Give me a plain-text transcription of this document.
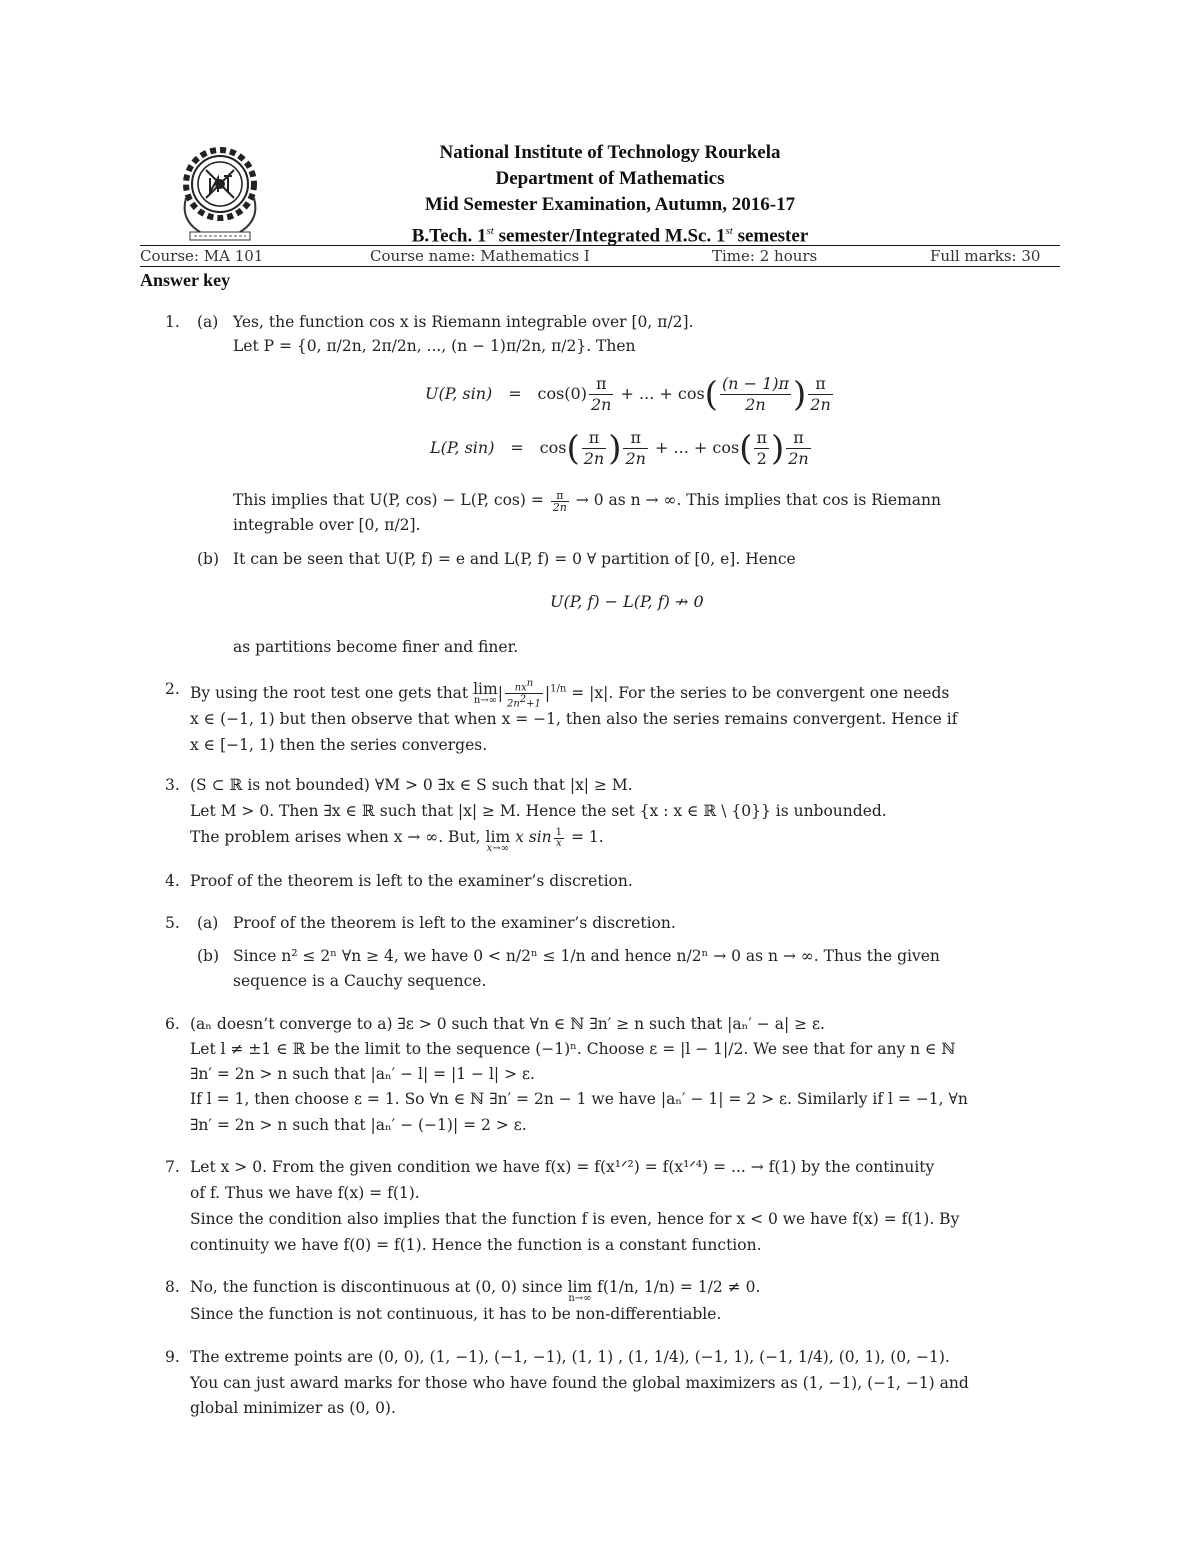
National Institute of Technology Rourkela
Department of Mathematics
Mid Semester Examination, Autumn, 2016-17
B.Tech. 1st semester/Integrated M.Sc. 1st semester
Course: MA 101	Course name: Mathematics I	Time: 2 hours	Full marks: 30
Answer key
1. (a) Yes, the function cos x is Riemann integrable over [0, π/2].
Let P = {0, π/2n, 2π/2n, ..., (n − 1)π/2n, π/2}. Then
U(P, $\sin) = \cos(0) \frac{\pi}{2n}$ + ... + $\cos( \frac{(n - 1)\pi}{2n}$ ) $\frac{\pi}{2n}$
L(P, $\sin) = \cos( \frac{\pi}{2n}$ ) $\frac{\pi}{2n}$ + ... + $\cos( \frac{\pi}{2}$ ) $\frac{\pi}{2n}$
This implies that U(P, cos) − L(P, $\cos) = \frac{\pi}{2n} \to 0$ as n → ∞. This implies that cos is Riemann
integrable over [0, π/2].
(b) It can be seen that U(P, f) = e and L(P, f) = 0 ∀ partition of [0, e]. Hence
U(P, f) − L(P, f) ↛ 0
as partitions become finer and finer.
2. By using the root test one gets that lim
n→∞ | $\frac{nx^n}{2n^2+1} |^{1/n} = |x|$. For the series to be convergent one needs
x ∈ (−1, 1) but then observe that when x = −1, then also the series remains convergent. Hence if
x ∈ [−1, 1) then the series converges.
3. (S ⊂ ℝ is not bounded) ∀M > 0 ∃x ∈ S such that |x| ≥ M.
Let M > 0. Then ∃x ∈ ℝ such that |x| ≥ M. Hence the set {x : x ∈ ℝ \ {0}} is unbounded.
The problem arises when x → ∞. But, lim
x→∞
x $\sin \frac{1}{x} = 1$.
4. Proof of the theorem is left to the examiner’s discretion.
5. (a) Proof of the theorem is left to the examiner’s discretion.
(b) Since n² ≤ 2ⁿ ∀n ≥ 4, we have 0 < n/2ⁿ ≤ 1/n and hence n/2ⁿ → 0 as n → ∞. Thus the given
sequence is a Cauchy sequence.
6. (aₙ doesn’t converge to a) ∃ε > 0 such that ∀n ∈ ℕ ∃n′ ≥ n such that |aₙ′ − a| ≥ ε.
Let l ≠ ±1 ∈ ℝ be the limit to the sequence (−1)ⁿ. Choose ε = |l − 1|/2. We see that for any n ∈ ℕ
∃n′ = 2n > n such that |aₙ′ − l| = |1 − l| > ε.
If l = 1, then choose ε = 1. So ∀n ∈ ℕ ∃n′ = 2n − 1 we have |aₙ′ − 1| = 2 > ε. Similarly if l = −1, ∀n
∃n′ = 2n > n such that |aₙ′ − (−1)| = 2 > ε.
7. Let x > 0. From the given condition we have f(x) = f(x¹ᐟ²) = f(x¹ᐟ⁴) = ... → f(1) by the continuity
of f. Thus we have f(x) = f(1).
Since the condition also implies that the function f is even, hence for x < 0 we have f(x) = f(1). By
continuity we have f(0) = f(1). Hence the function is a constant function.
8. No, the function is discontinuous at (0, 0) since lim
n→∞
f(1/n, 1/n) = 1/2 ≠ 0.
Since the function is not continuous, it has to be non-differentiable.
9. The extreme points are (0, 0), (1, −1), (−1, −1), (1, 1) , (1, 1/4), (−1, 1), (−1, 1/4), (0, 1), (0, −1).
You can just award marks for those who have found the global maximizers as (1, −1), (−1, −1) and
global minimizer as (0, 0).
